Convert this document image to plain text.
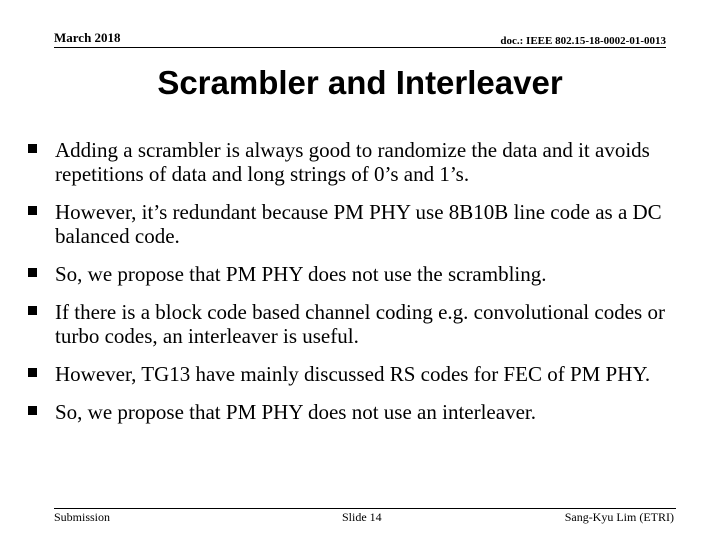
March 2018	doc.: IEEE 802.15-18-0002-01-0013
Scrambler and Interleaver
Adding a scrambler is always good to randomize the data and it avoids repetitions of data and long strings of 0’s and 1’s.
However, it’s redundant because PM PHY use 8B10B line code as a DC balanced code.
So, we propose that PM PHY does not use the scrambling.
If there is a block code based channel coding e.g. convolutional codes or turbo codes, an interleaver is useful.
However, TG13 have mainly discussed RS codes for FEC of PM PHY.
So, we propose that PM PHY does not use an interleaver.
Submission	Slide 14	Sang-Kyu Lim (ETRI)
